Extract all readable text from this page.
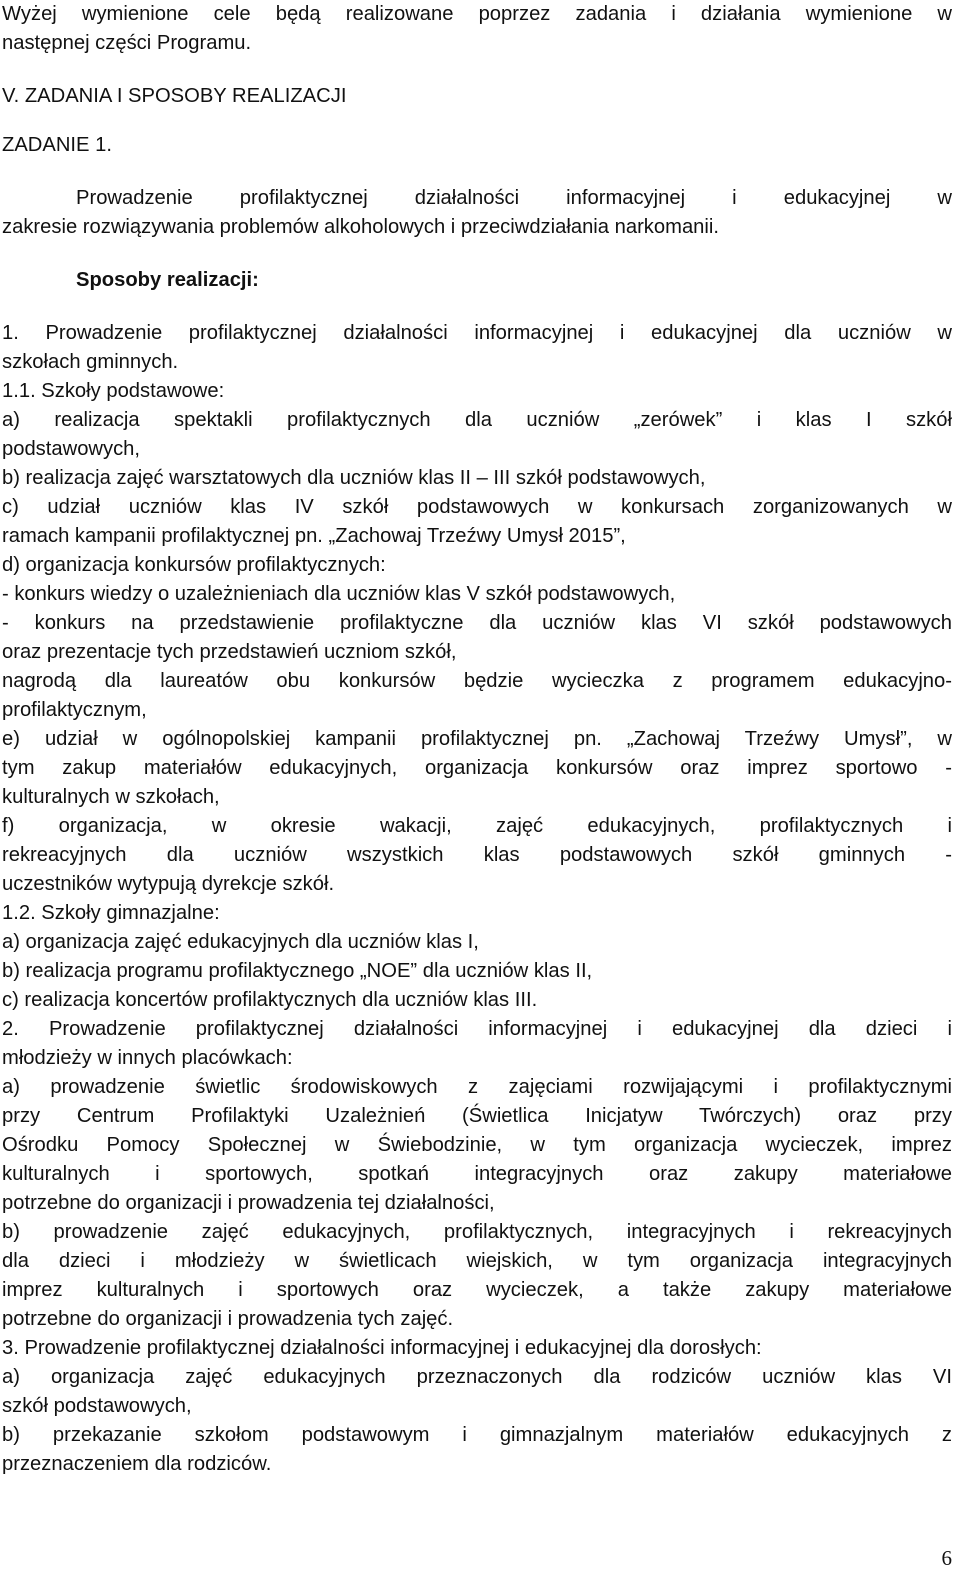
Wyżej wymienione cele będą realizowane poprzez zadania i działania wymienione w

następnej części Programu.

V. ZADANIA I SPOSOBY REALIZACJI

ZADANIE 1.

Prowadzenie profilaktycznej działalności informacyjnej i edukacyjnej w

zakresie rozwiązywania problemów alkoholowych i przeciwdziałania narkomanii.

Sposoby realizacji:

1. Prowadzenie profilaktycznej działalności informacyjnej i edukacyjnej dla uczniów w

szkołach gminnych.

1.1. Szkoły podstawowe:

a) realizacja spektakli profilaktycznych dla uczniów „zerówek” i klas I szkół

podstawowych,

b) realizacja zajęć warsztatowych dla uczniów klas II – III szkół podstawowych,

c) udział uczniów klas IV szkół podstawowych w konkursach zorganizowanych w

ramach kampanii profilaktycznej pn. „Zachowaj Trzeźwy Umysł 2015”,

d) organizacja konkursów profilaktycznych:

- konkurs wiedzy o uzależnieniach dla uczniów klas V szkół podstawowych,

- konkurs na przedstawienie profilaktyczne dla uczniów klas VI szkół podstawowych

oraz prezentacje tych przedstawień uczniom szkół,

nagrodą dla laureatów obu konkursów będzie wycieczka z programem edukacyjno-

profilaktycznym,

e) udział w ogólnopolskiej kampanii profilaktycznej pn. „Zachowaj Trzeźwy Umysł”, w

tym zakup materiałów edukacyjnych, organizacja konkursów oraz imprez sportowo -

kulturalnych w szkołach,

f) organizacja, w okresie wakacji, zajęć edukacyjnych, profilaktycznych i

rekreacyjnych dla uczniów wszystkich klas podstawowych szkół gminnych -

uczestników wytypują dyrekcje szkół.

1.2. Szkoły gimnazjalne:

a) organizacja zajęć edukacyjnych dla uczniów klas I,

b) realizacja programu profilaktycznego „NOE” dla uczniów klas II,

c) realizacja koncertów profilaktycznych dla uczniów klas III.

2. Prowadzenie profilaktycznej działalności informacyjnej i edukacyjnej dla dzieci i

młodzieży w innych placówkach:

a) prowadzenie świetlic środowiskowych z zajęciami rozwijającymi i profilaktycznymi

przy Centrum Profilaktyki Uzależnień (Świetlica Inicjatyw Twórczych) oraz przy

Ośrodku Pomocy Społecznej w Świebodzinie, w tym organizacja wycieczek, imprez

kulturalnych i sportowych, spotkań integracyjnych oraz zakupy materiałowe

potrzebne do organizacji i prowadzenia tej działalności,

b) prowadzenie zajęć edukacyjnych, profilaktycznych, integracyjnych i rekreacyjnych

dla dzieci i młodzieży w świetlicach wiejskich, w tym organizacja integracyjnych

imprez kulturalnych i sportowych oraz wycieczek, a także zakupy materiałowe

potrzebne do organizacji i prowadzenia tych zajęć.

3. Prowadzenie profilaktycznej działalności informacyjnej i edukacyjnej dla dorosłych:

a) organizacja zajęć edukacyjnych przeznaczonych dla rodziców uczniów klas VI

szkół podstawowych,

b) przekazanie szkołom podstawowym i gimnazjalnym materiałów edukacyjnych z

przeznaczeniem dla rodziców.

6
